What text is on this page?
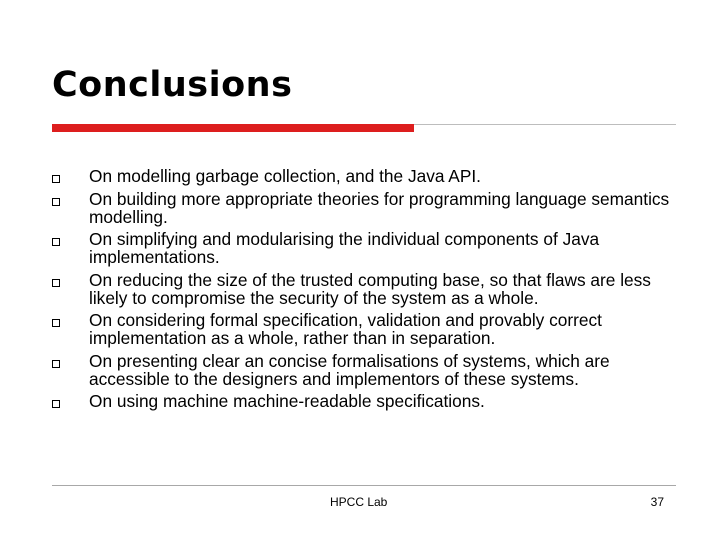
Conclusions
On modelling garbage collection, and the Java API.
On building more appropriate theories for programming language semantics modelling.
On simplifying and modularising the individual components of Java implementations.
On reducing the size of the trusted computing base, so that flaws are less likely to compromise the security of the system as a whole.
On considering formal specification, validation and provably correct implementation as a whole, rather than in separation.
On presenting clear an concise formalisations of systems, which are accessible to the designers and implementors of these systems.
On using machine machine-readable specifications.
HPCC Lab	37
